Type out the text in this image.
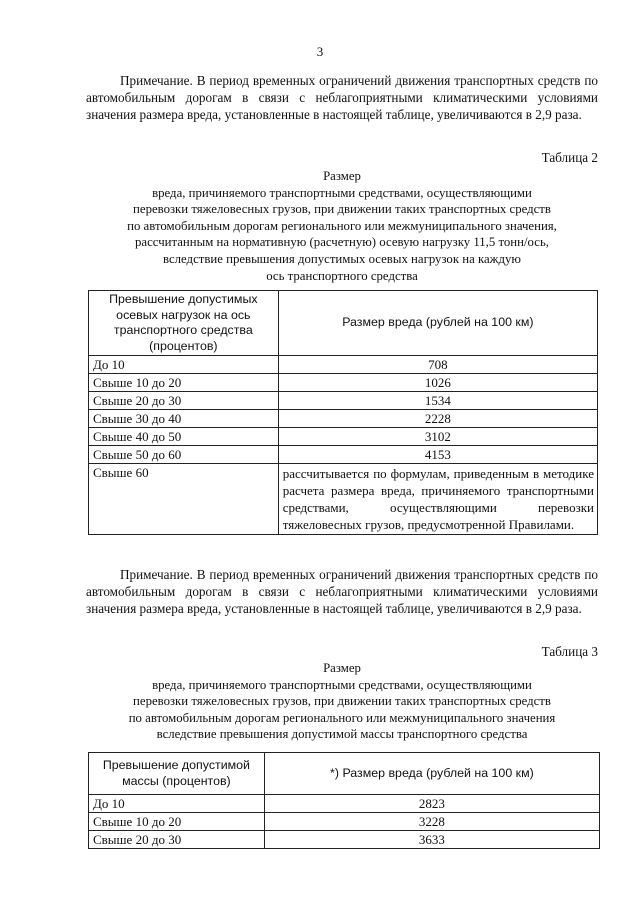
3

Примечание. В период временных ограничений движения транспортных средств по автомобильным дорогам в связи с неблагоприятными климатическими условиями значения размера вреда, установленные в настоящей таблице, увеличиваются в 2,9 раза.

Таблица 2
Размер
вреда, причиняемого транспортными средствами, осуществляющими
перевозки тяжеловесных грузов, при движении таких транспортных средств
по автомобильным дорогам регионального или межмуниципального значения,
рассчитанным на нормативную (расчетную) осевую нагрузку 11,5 тонн/ось,
вследствие превышения допустимых осевых нагрузок на каждую
ось транспортного средства
Превышение допустимых осевых нагрузок на ось транспортного средства (процентов)	Размер вреда (рублей на 100 км)
До 10	708
Свыше 10 до 20	1026
Свыше 20 до 30	1534
Свыше 30 до 40	2228
Свыше 40 до 50	3102
Свыше 50 до 60	4153
Свыше 60	рассчитывается по формулам, приведенным в методике расчета размера вреда, причиняемого транспортными средствами, осуществляющими перевозки тяжеловесных грузов, предусмотренной Правилами.

Примечание. В период временных ограничений движения транспортных средств по автомобильным дорогам в связи с неблагоприятными климатическими условиями значения размера вреда, установленные в настоящей таблице, увеличиваются в 2,9 раза.

Таблица 3
Размер
вреда, причиняемого транспортными средствами, осуществляющими
перевозки тяжеловесных грузов, при движении таких транспортных средств
по автомобильным дорогам регионального или межмуниципального значения
вследствие превышения допустимой массы транспортного средства
Превышение допустимой массы (процентов)	*) Размер вреда (рублей на 100 км)
До 10	2823
Свыше 10 до 20	3228
Свыше 20 до 30	3633
